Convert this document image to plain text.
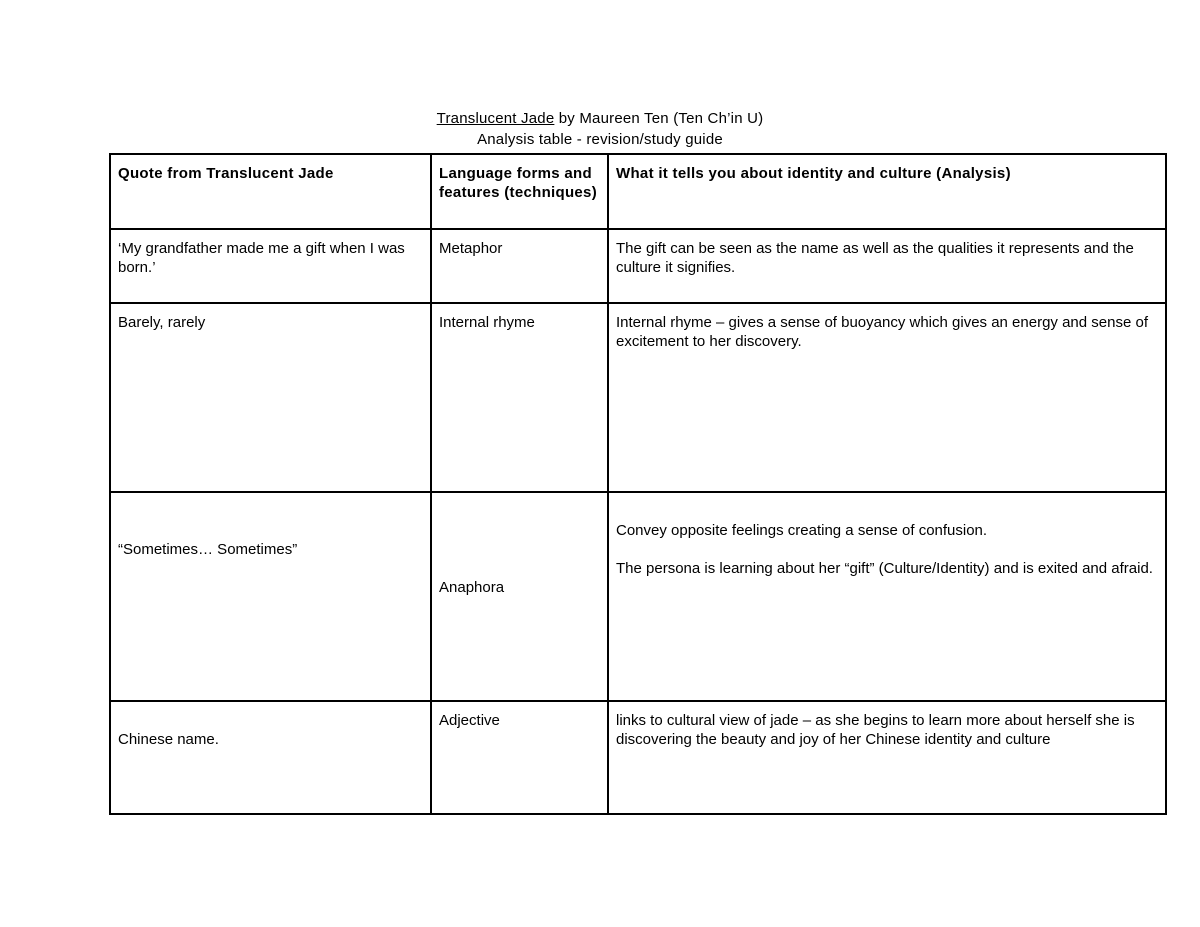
Translucent Jade by Maureen Ten (Ten Ch’in U)
Analysis table - revision/study guide
Quote from Translucent Jade	Language forms and features (techniques)	What it tells you about identity and culture (Analysis)
‘My grandfather made me a gift when I was born.’	Metaphor	The gift can be seen as the name as well as the qualities it represents and the culture it signifies.

Barely, rarely	Internal rhyme	Internal rhyme – gives a sense of buoyancy which gives an energy and sense of excitement to her discovery.

“Sometimes… Sometimes”	Anaphora	Convey opposite feelings creating a sense of confusion.

The persona is learning about her “gift” (Culture/Identity) and is exited and afraid.

Chinese name.	Adjective	links to cultural view of jade – as she begins to learn more about herself she is discovering the beauty and joy of her Chinese identity and culture
